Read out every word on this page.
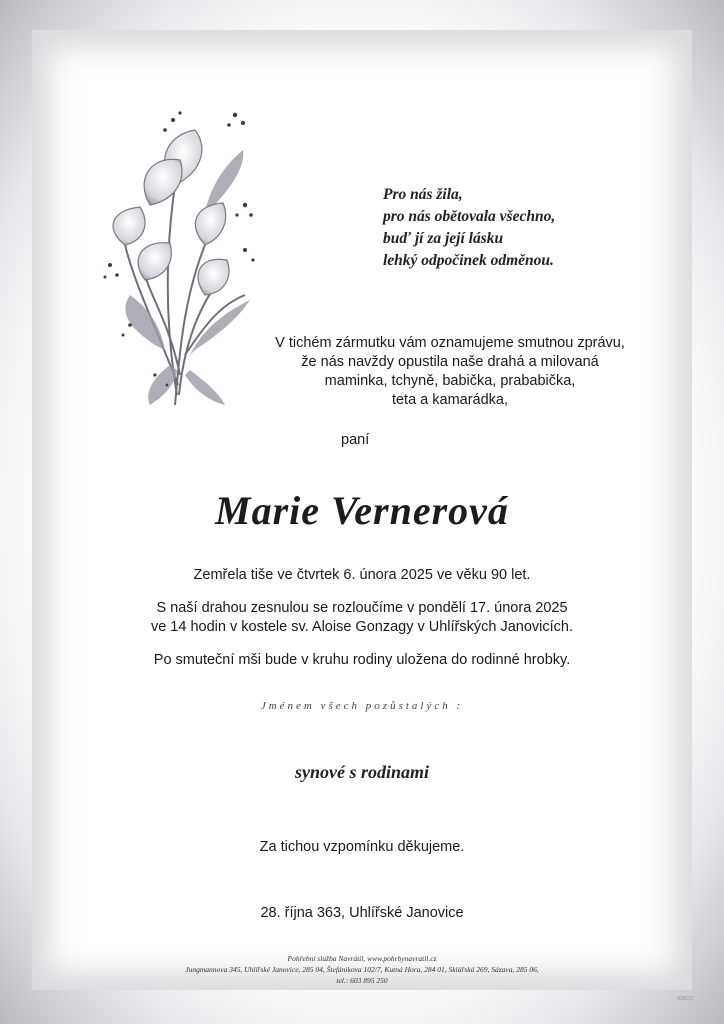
Pro nás žila,
pro nás obětovala všechno,
buď jí za její lásku
lehký odpočinek odměnou.
V tichém zármutku vám oznamujeme smutnou zprávu,
že nás navždy opustila naše drahá a milovaná
maminka, tchyně, babička, prababička,
teta a kamarádka,
paní
Marie Vernerová
Zemřela tiše ve čtvrtek 6. února 2025 ve věku 90 let.
S naší drahou zesnulou se rozloučíme v pondělí 17. února 2025
ve 14 hodin v kostele sv. Aloise Gonzagy v Uhlířských Janovicích.
Po smuteční mši bude v kruhu rodiny uložena do rodinné hrobky.
Jménem všech pozůstalých :
synové s rodinami
Za tichou vzpomínku děkujeme.
28. října 363, Uhlířské Janovice
Pohřební služba Navrátil, www.pohrbynavratil.cz
Jungmannova 345, Uhlířské Janovice, 285 04, Štefánikova 102/7, Kutná Hora, 284 01, Sklářská 269, Sázava, 285 06,
tel.: 603 895 250
KMC37
